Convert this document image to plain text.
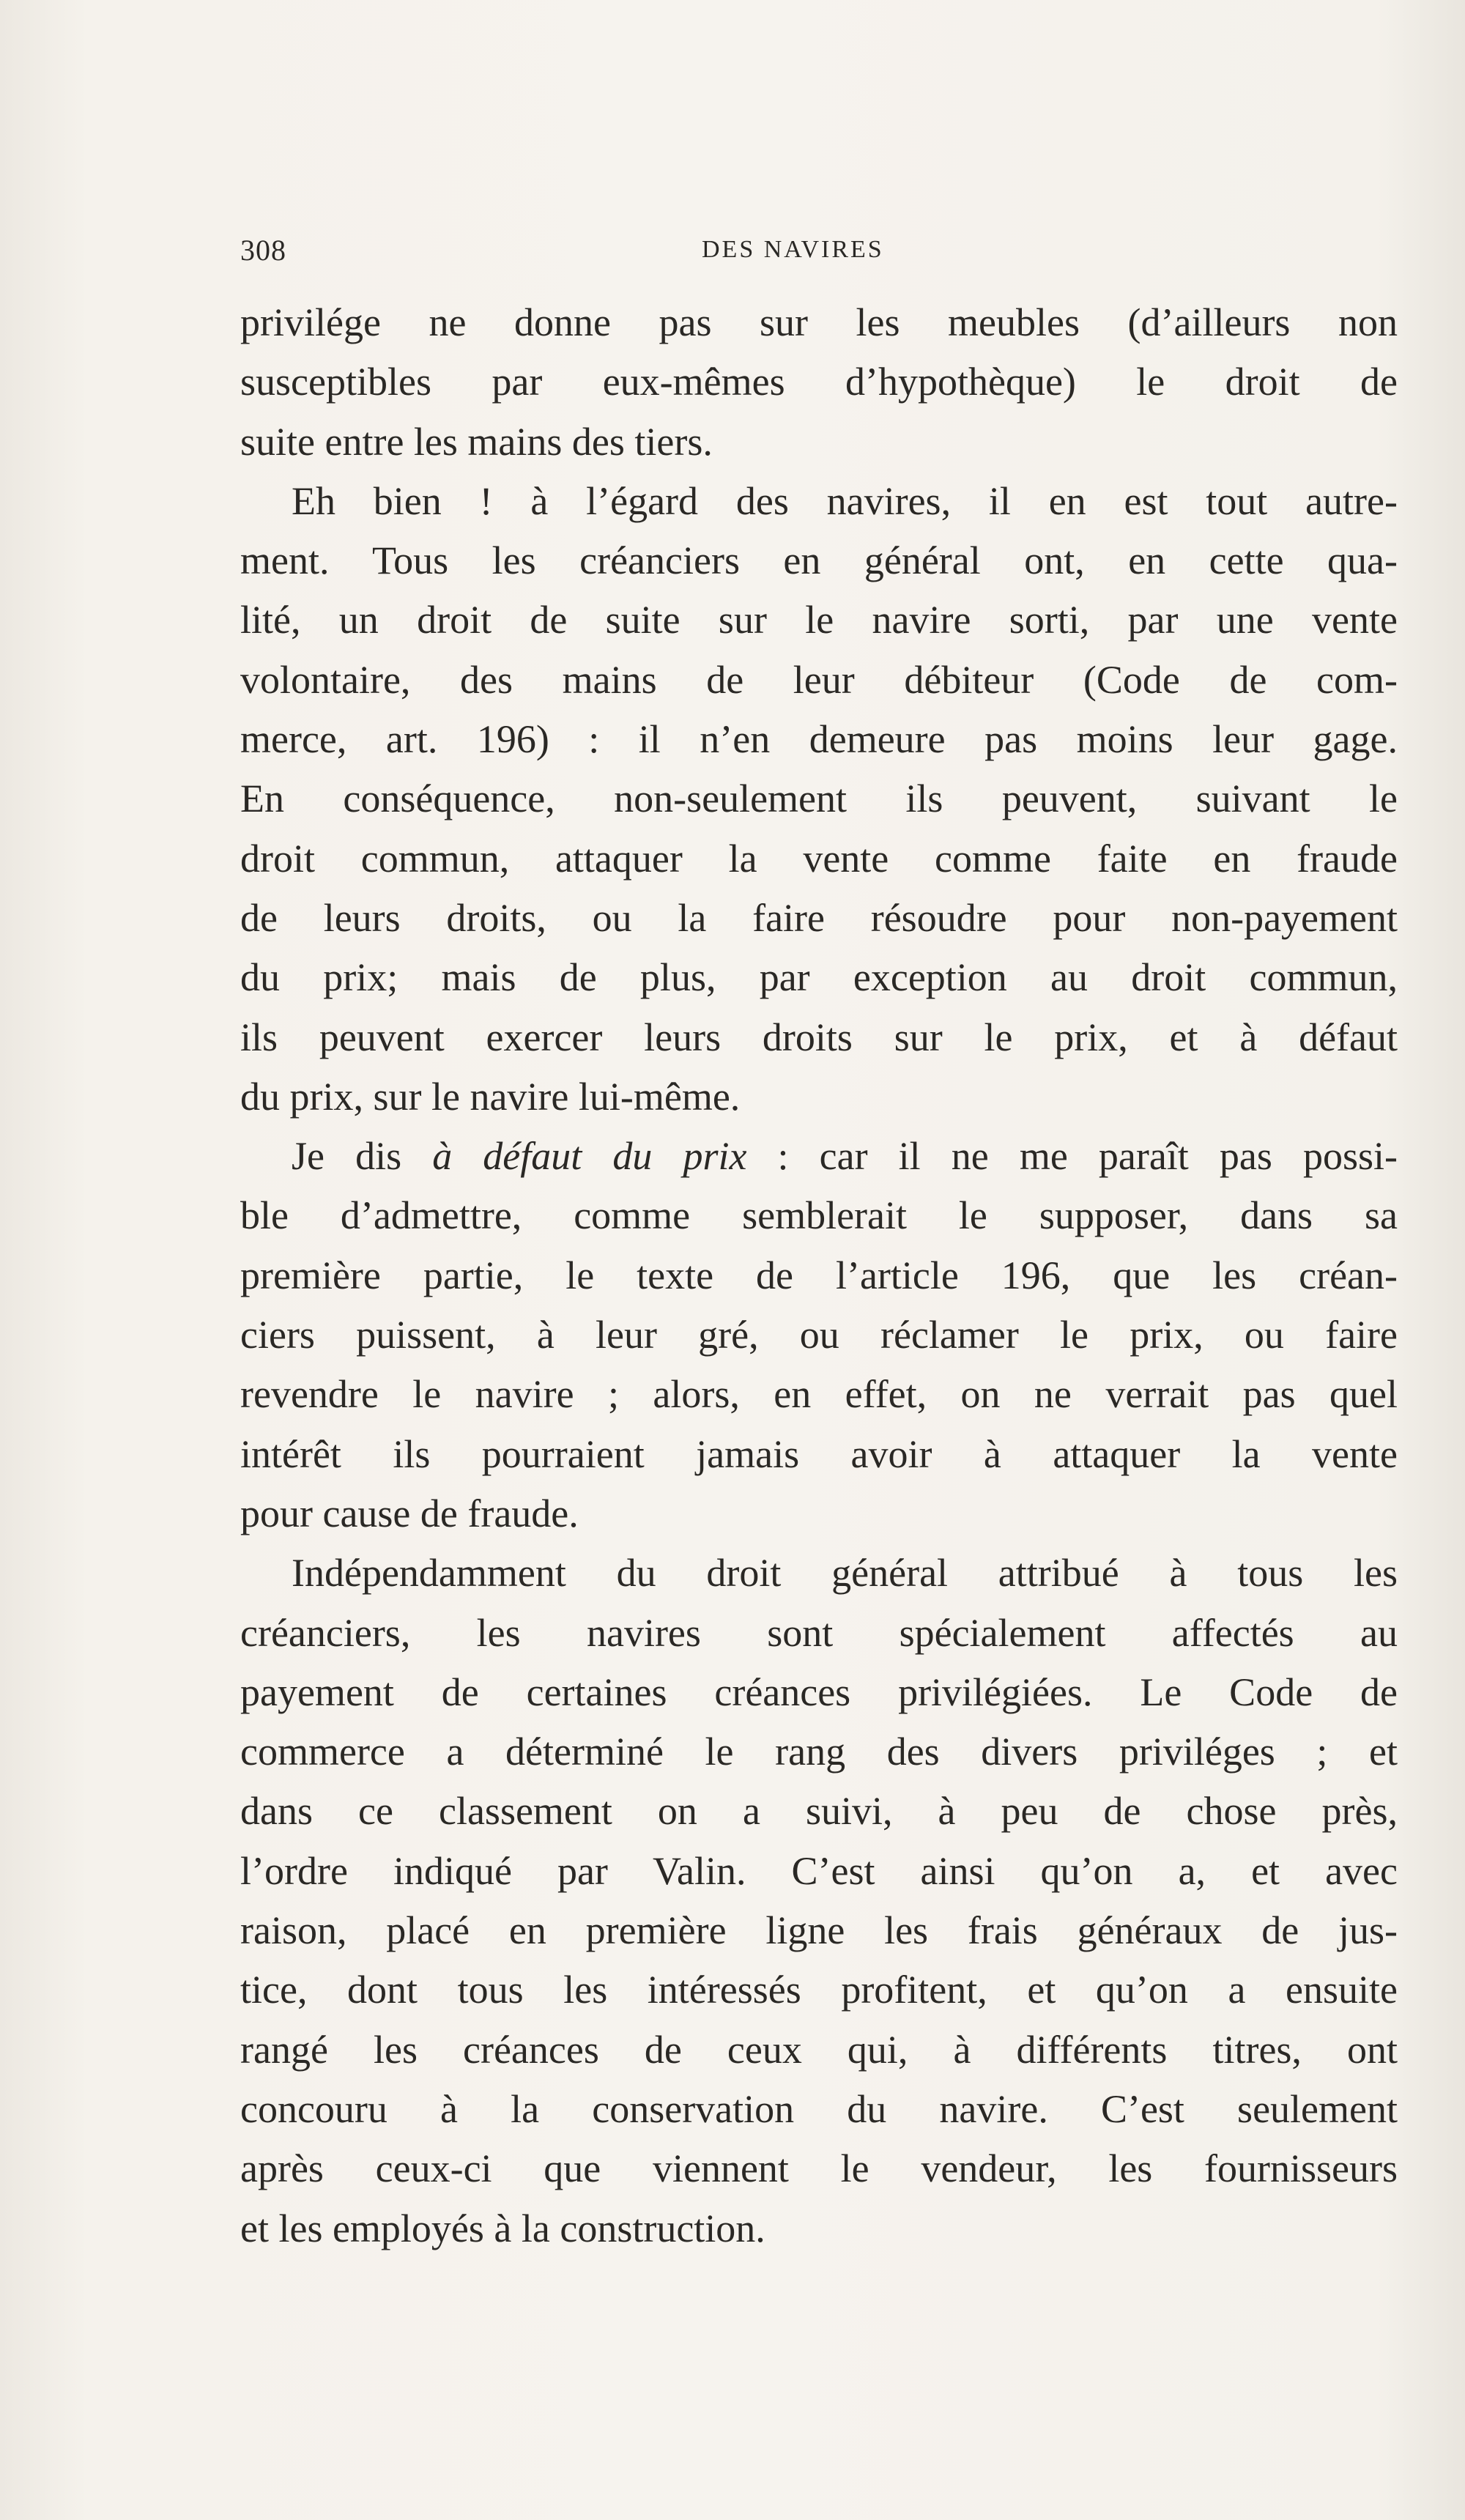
308	DES NAVIRES
privilége ne donne pas sur les meubles (d’ailleurs non
susceptibles par eux-mêmes d’hypothèque) le droit de
suite entre les mains des tiers.
Eh bien ! à l’égard des navires, il en est tout autre-
ment. Tous les créanciers en général ont, en cette qua-
lité, un droit de suite sur le navire sorti, par une vente
volontaire, des mains de leur débiteur (Code de com-
merce, art. 196) : il n’en demeure pas moins leur gage.
En conséquence, non-seulement ils peuvent, suivant le
droit commun, attaquer la vente comme faite en fraude
de leurs droits, ou la faire résoudre pour non-payement
du prix; mais de plus, par exception au droit commun,
ils peuvent exercer leurs droits sur le prix, et à défaut
du prix, sur le navire lui-même.
Je dis à défaut du prix : car il ne me paraît pas possi-
ble d’admettre, comme semblerait le supposer, dans sa
première partie, le texte de l’article 196, que les créan-
ciers puissent, à leur gré, ou réclamer le prix, ou faire
revendre le navire ; alors, en effet, on ne verrait pas quel
intérêt ils pourraient jamais avoir à attaquer la vente
pour cause de fraude.
Indépendamment du droit général attribué à tous les
créanciers, les navires sont spécialement affectés au
payement de certaines créances privilégiées. Le Code de
commerce a déterminé le rang des divers priviléges ; et
dans ce classement on a suivi, à peu de chose près,
l’ordre indiqué par Valin. C’est ainsi qu’on a, et avec
raison, placé en première ligne les frais généraux de jus-
tice, dont tous les intéressés profitent, et qu’on a ensuite
rangé les créances de ceux qui, à différents titres, ont
concouru à la conservation du navire. C’est seulement
après ceux-ci que viennent le vendeur, les fournisseurs
et les employés à la construction.
